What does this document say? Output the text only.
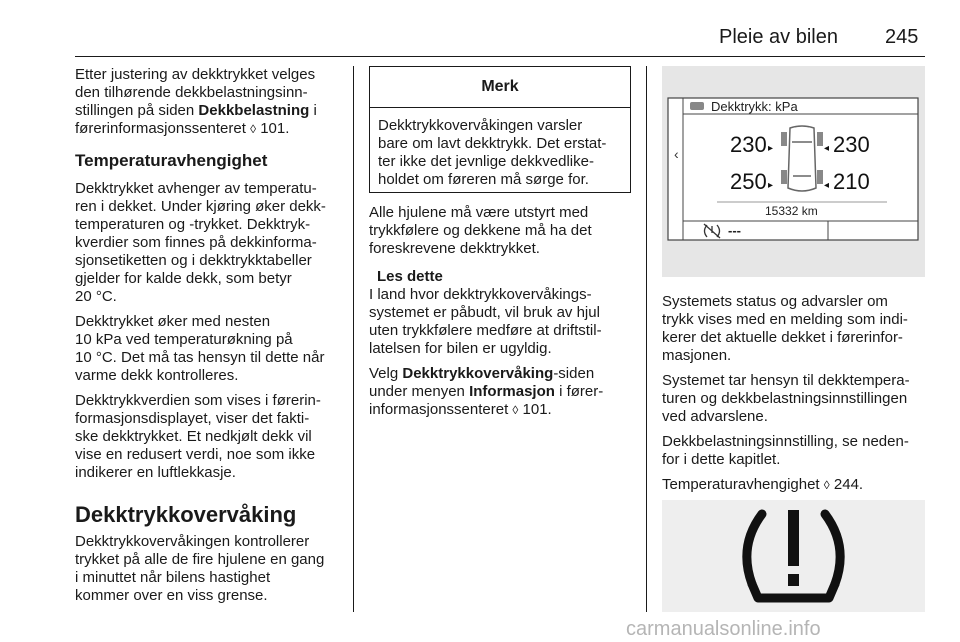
Pleie av bilen 245

Etter justering av dekktrykket velges
den tilhørende dekkbelastningsinn-
stillingen på siden Dekkbelastning i
førerinformasjonssenteret ◊ 101.

Temperaturavhengighet

Dekktrykket avhenger av temperatu-
ren i dekket. Under kjøring øker dekk-
temperaturen og -trykket. Dekktryk-
kverdier som finnes på dekkinforma-
sjonsetiketten og i dekktrykktabeller
gjelder for kalde dekk, som betyr
20 °C.

Dekktrykket øker med nesten
10 kPa ved temperaturøkning på
10 °C. Det må tas hensyn til dette når
varme dekk kontrolleres.

Dekktrykkverdien som vises i førerin-
formasjonsdisplayet, viser det fakti-
ske dekktrykket. Et nedkjølt dekk vil
vise en redusert verdi, noe som ikke
indikerer en luftlekkasje.

Dekktrykkovervåking

Dekktrykkovervåkingen kontrollerer
trykket på alle de fire hjulene en gang
i minuttet når bilens hastighet
kommer over en viss grense.

Merk
Dekktrykkovervåkingen varsler
bare om lavt dekktrykk. Det erstat-
ter ikke det jevnlige dekkvedlike-
holdet om føreren må sørge for.

Alle hjulene må være utstyrt med
trykkfølere og dekkene må ha det
foreskrevene dekktrykket.

Les dette

I land hvor dekktrykkovervåkings-
systemet er påbudt, vil bruk av hjul
uten trykkfølere medføre at driftstil-
latelsen for bilen er ugyldig.

Velg Dekktrykkovervåking-siden
under menyen Informasjon i fører-
informasjonssenteret ◊ 101.

‹
Dekktrykk: kPa
230 ▸	◂ 230
250 ▸	◂ 210
15332 km
---

Systemets status og advarsler om
trykk vises med en melding som indi-
kerer det aktuelle dekket i førerinfor-
masjonen.

Systemet tar hensyn til dekktempera-
turen og dekkbelastningsinnstillingen
ved advarslene.

Dekkbelastningsinnstilling, se neden-
for i dette kapitlet.

Temperaturavhengighet ◊ 244.

carmanualsonline.info
